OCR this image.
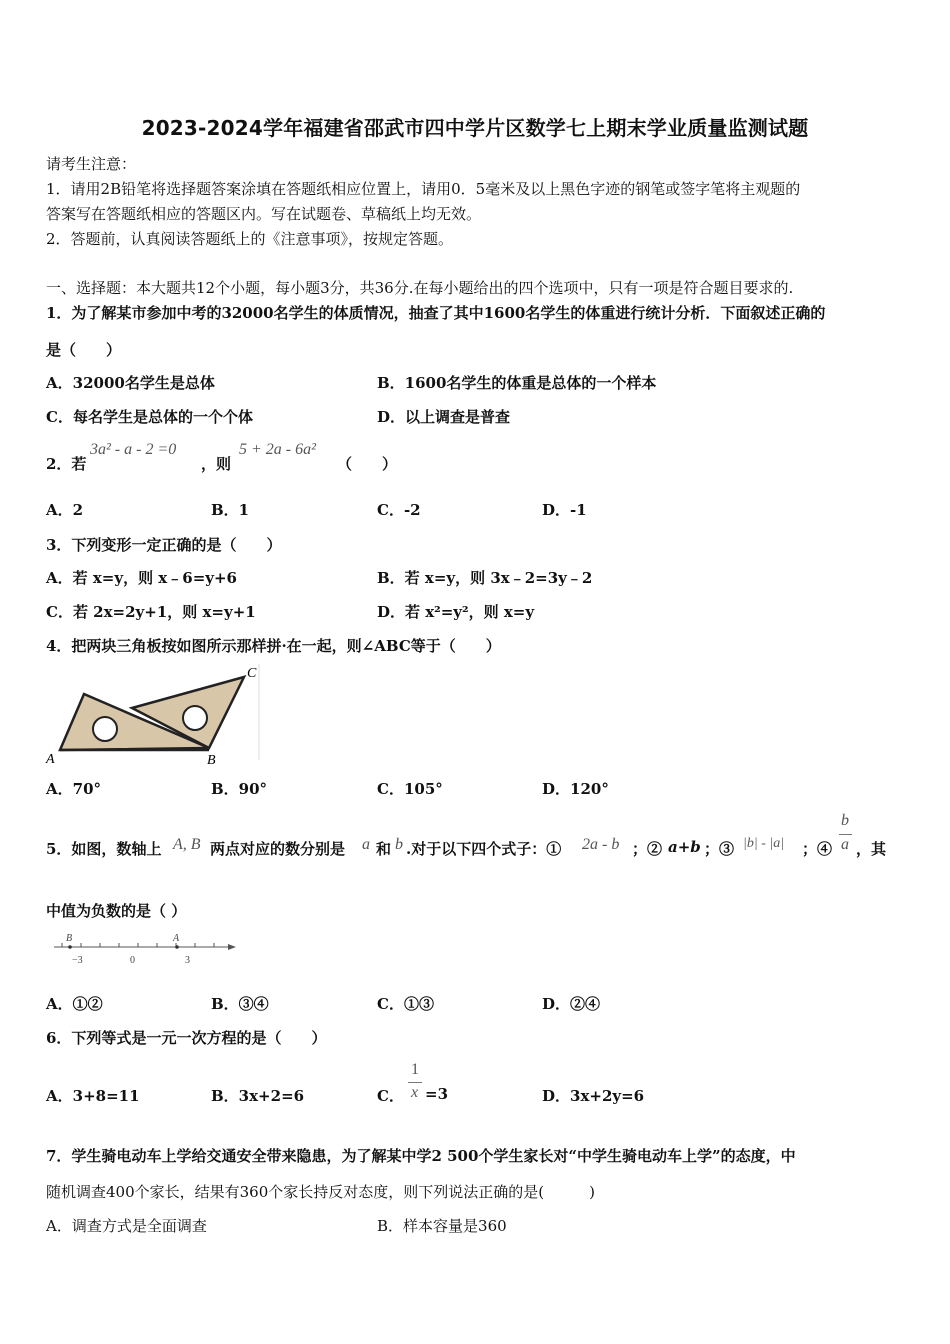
2023-2024学年福建省邵武市四中学片区数学七上期末学业质量监测试题
请考生注意：
1．请用2B铅笔将选择题答案涂填在答题纸相应位置上，请用0．5毫米及以上黑色字迹的钢笔或签字笔将主观题的
答案写在答题纸相应的答题区内。写在试题卷、草稿纸上均无效。
2．答题前，认真阅读答题纸上的《注意事项》，按规定答题。
一、选择题：本大题共12个小题，每小题3分，共36分.在每小题给出的四个选项中，只有一项是符合题目要求的.
1．为了解某市参加中考的32000名学生的体质情况，抽查了其中1600名学生的体重进行统计分析．下面叙述正确的
是（　　）
A．32000名学生是总体	B．1600名学生的体重是总体的一个样本
C．每名学生是总体的一个个体	D．以上调查是普查
2．若
3a² - a - 2 =0
，则
5 + 2a - 6a²
（　　）
A．2	B．1	C．-2	D．-1
3．下列变形一定正确的是（　　）
A．若 x=y，则 x﹣6=y+6	B．若 x=y，则 3x﹣2=3y﹣2
C．若 2x=2y+1，则 x=y+1	D．若 x²=y²，则 x=y
4．把两块三角板按如图所示那样拼·在一起，则∠ABC等于（　　）
A	B
C
A．70°	B．90°	C．105°	D．120°
5．如图，数轴上 A, B 两点对应的数分别是 a 和 b .对于以下四个式子：① 2a - b ；② a+b ；③ |b| - |a| ；④
b
a ，其
中值为负数的是（ ）
B	A
−3	0	3
A．①②	B．③④	C．①③	D．②④
6．下列等式是一元一次方程的是（　　）
A．3+8=11	B．3x+2=6	C．
1
x =3	D．3x+2y=6
7．学生骑电动车上学给交通安全带来隐患，为了解某中学2 500个学生家长对“中学生骑电动车上学”的态度，中
随机调查400个家长，结果有360个家长持反对态度，则下列说法正确的是(　　　)
A．调查方式是全面调查	B．样本容量是360
